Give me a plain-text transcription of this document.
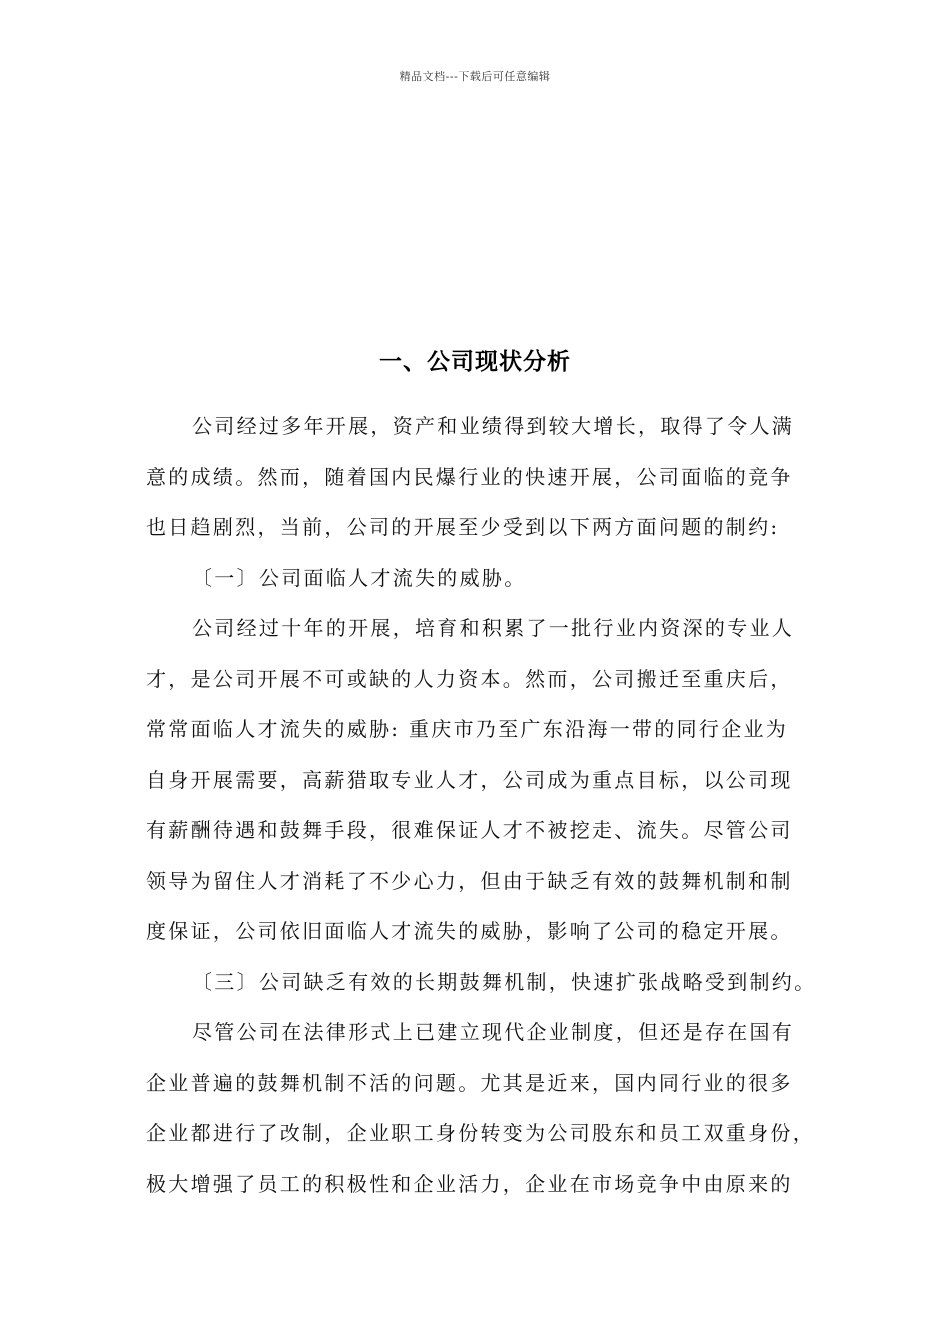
精品文档---下载后可任意编辑
一、公司现状分析
公司经过多年开展，资产和业绩得到较大增长，取得了令人满
意的成绩。然而，随着国内民爆行业的快速开展，公司面临的竞争
也日趋剧烈，当前，公司的开展至少受到以下两方面问题的制约:
〔一〕公司面临人才流失的威胁。
公司经过十年的开展，培育和积累了一批行业内资深的专业人
才，是公司开展不可或缺的人力资本。然而，公司搬迁至重庆后，
常常面临人才流失的威胁: 重庆市乃至广东沿海一带的同行企业为
自身开展需要，高薪猎取专业人才，公司成为重点目标，以公司现
有薪酬待遇和鼓舞手段，很难保证人才不被挖走、流失。尽管公司
领导为留住人才消耗了不少心力，但由于缺乏有效的鼓舞机制和制
度保证，公司依旧面临人才流失的威胁，影响了公司的稳定开展。
〔三〕公司缺乏有效的长期鼓舞机制，快速扩张战略受到制约。
尽管公司在法律形式上已建立现代企业制度，但还是存在国有
企业普遍的鼓舞机制不活的问题。尤其是近来，国内同行业的很多
企业都进行了改制，企业职工身份转变为公司股东和员工双重身份，
极大增强了员工的积极性和企业活力，企业在市场竞争中由原来的
